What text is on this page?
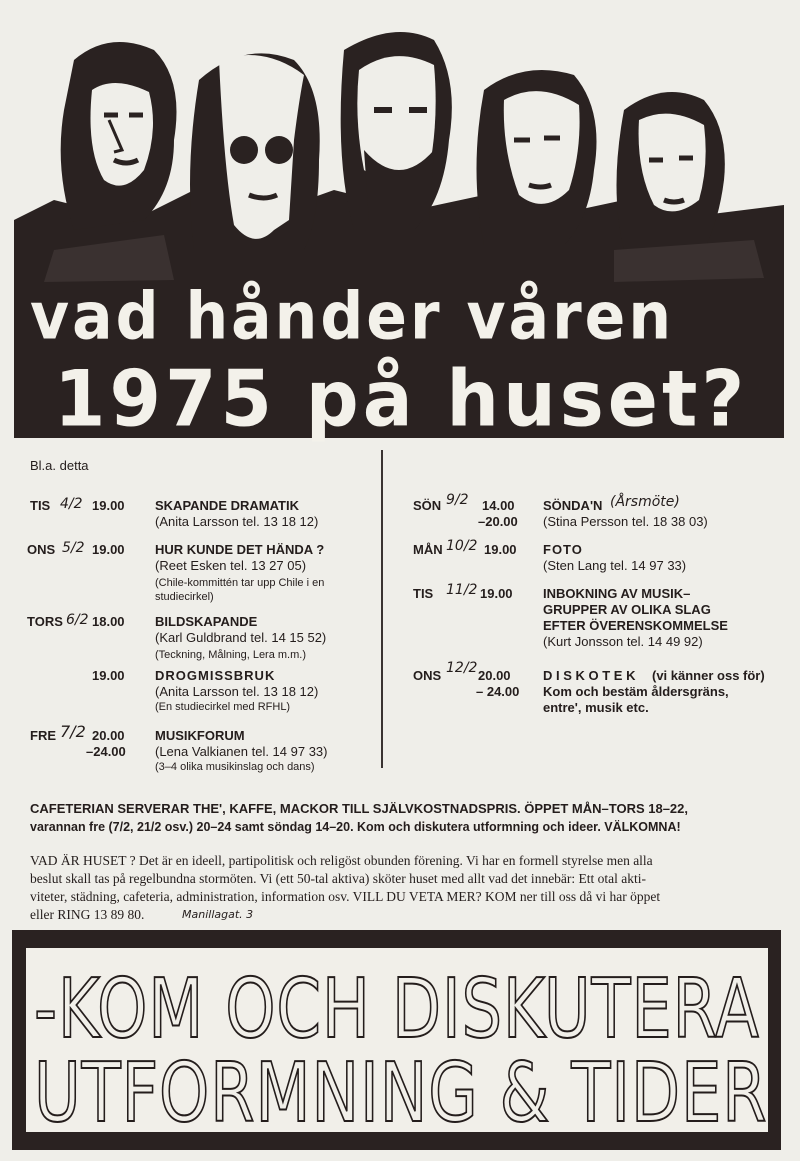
vad hånder våren
1975 på huset?
Bl.a. detta
TIS 4/2 19.00 SKAPANDE DRAMATIK
(Anita Larsson tel. 13 18 12)
ONS 5/2 19.00 HUR KUNDE DET HÄNDA ?
(Reet Esken tel. 13 27 05)
(Chile-kommittén tar upp Chile i en
studiecirkel)
TORS 6/2 18.00 BILDSKAPANDE
(Karl Guldbrand tel. 14 15 52)
(Teckning, Målning, Lera m.m.)
19.00 DROGMISSBRUK
(Anita Larsson tel. 13 18 12)
(En studiecirkel med RFHL)
FRE 7/2 20.00
–24.00
MUSIKFORUM
(Lena Valkianen tel. 14 97 33)
(3–4 olika musikinslag och dans)
SÖN 9/2 14.00
–20.00
SÖNDA'N (Årsmöte)
(Stina Persson tel. 18 38 03)
MÅN 10/2 19.00 FOTO
(Sten Lang tel. 14 97 33)
TIS 11/2 19.00 INBOKNING AV MUSIK–
GRUPPER AV OLIKA SLAG
EFTER ÖVERENSKOMMELSE
(Kurt Jonsson tel. 14 49 92)
ONS 12/2 20.00
– 24.00
D I S K O T E K (vi känner oss för)
Kom och bestäm åldersgräns,
entre', musik etc.
CAFETERIAN SERVERAR THE', KAFFE, MACKOR TILL SJÄLVKOSTNADSPRIS. ÖPPET MÅN–TORS 18–22,
varannan fre (7/2, 21/2 osv.) 20–24 samt söndag 14–20. Kom och diskutera utformning och ideer. VÄLKOMNA!
VAD ÄR HUSET ? Det är en ideell, partipolitisk och religöst obunden förening. Vi har en formell styrelse men alla
beslut skall tas på regelbundna stormöten. Vi (ett 50-tal aktiva) sköter huset med allt vad det innebär: Ett otal akti-
viteter, städning, cafeteria, administration, information osv. VILL DU VETA MER? KOM ner till oss då vi har öppet
eller RING 13 89 80.	Manillagat. 3
-KOM OCH DISKUTERA
UTFORMNING & TIDER
